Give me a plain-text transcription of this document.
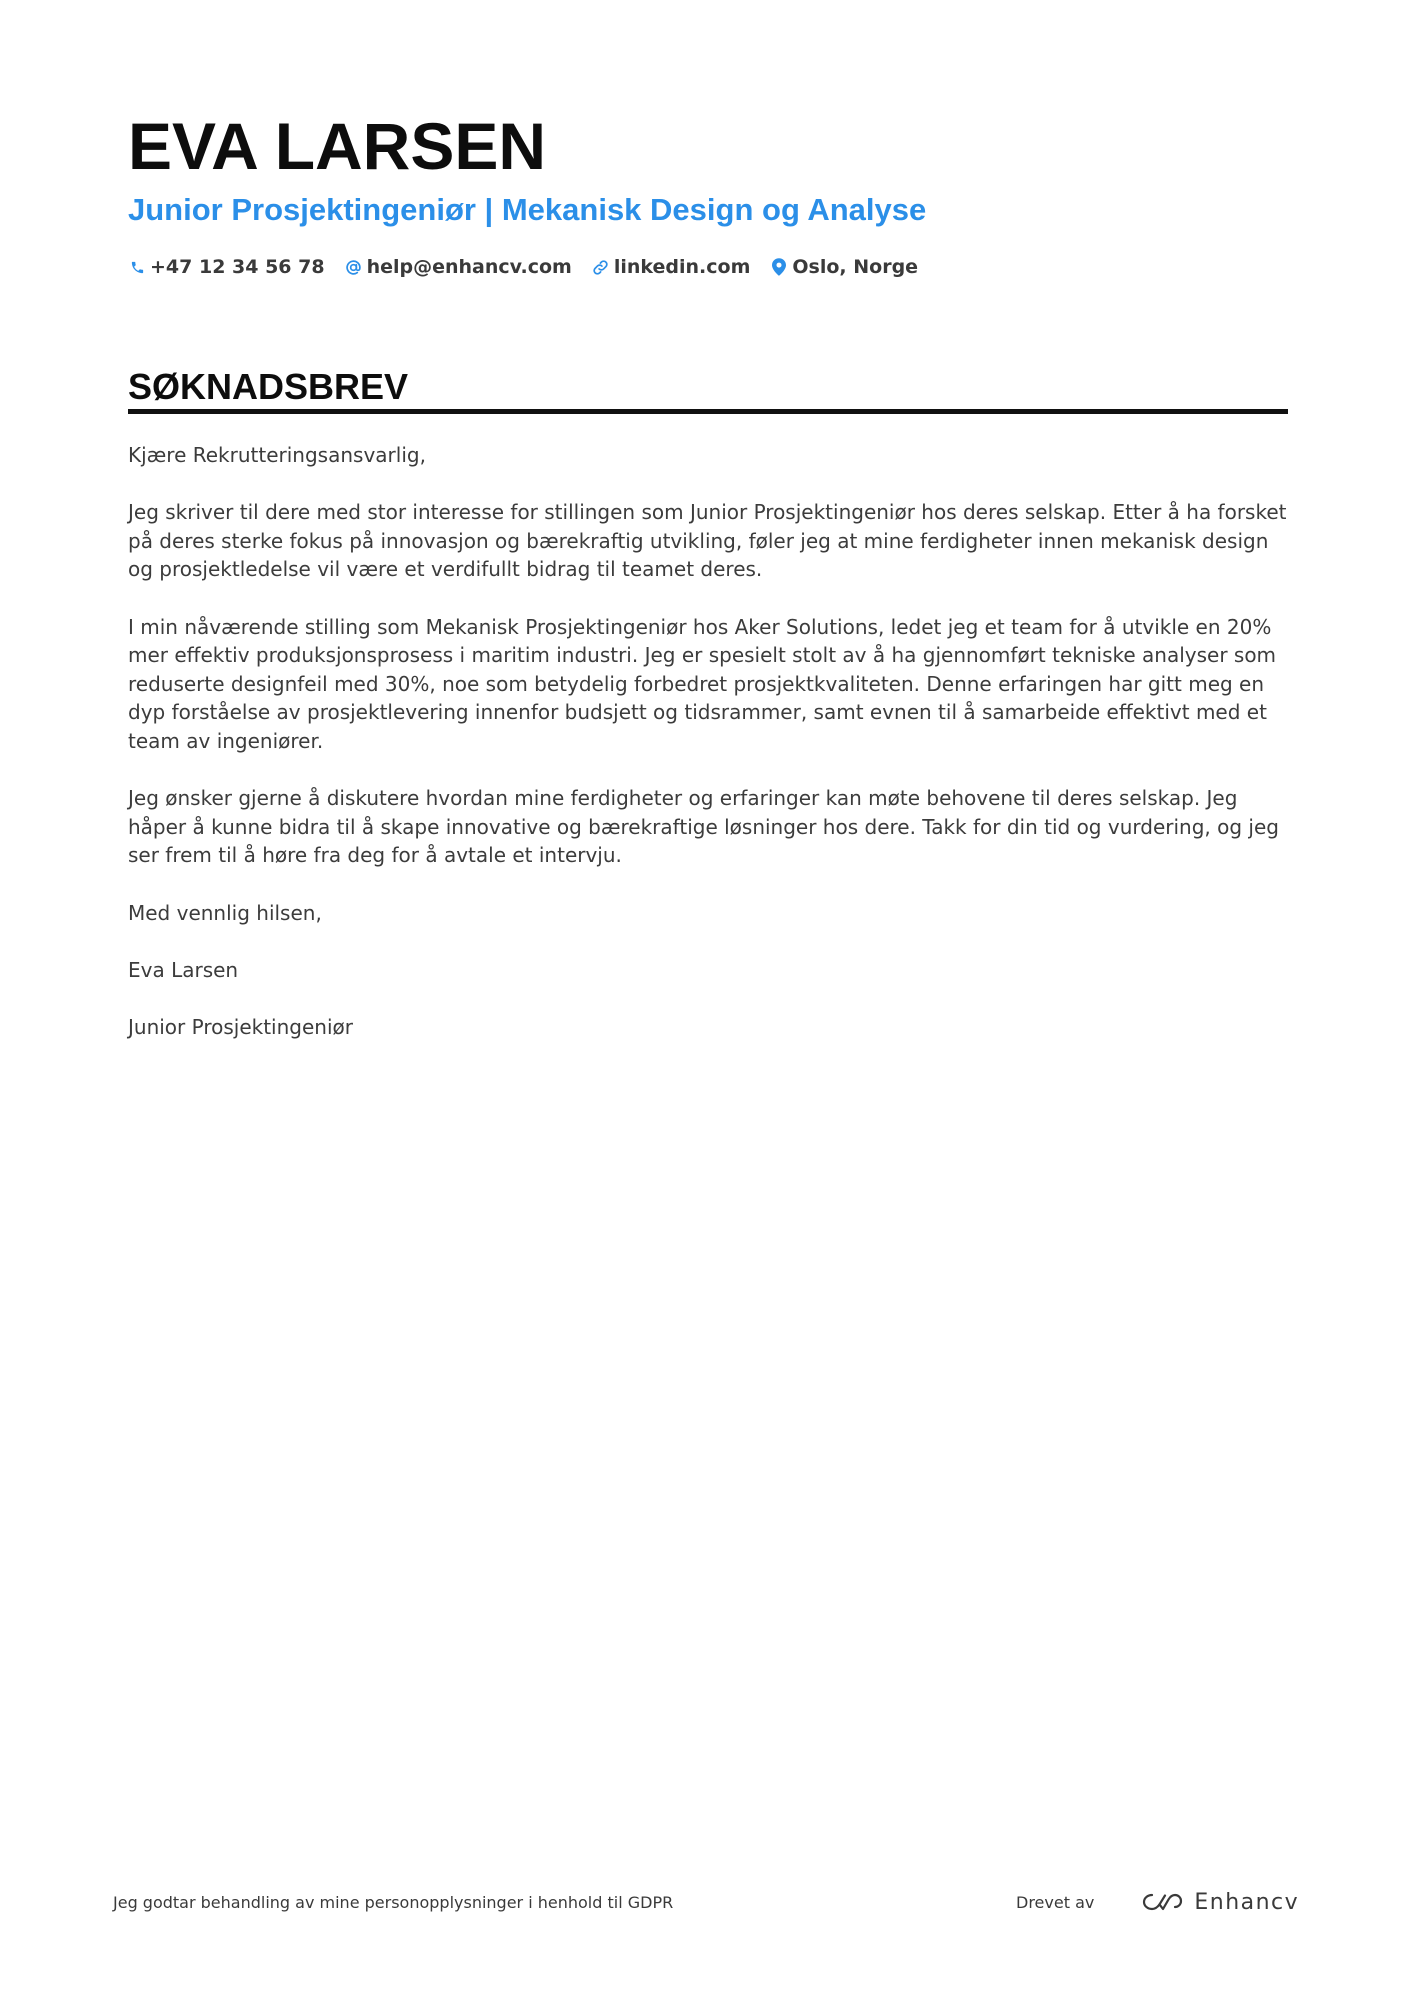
EVA LARSEN
Junior Prosjektingeniør | Mekanisk Design og Analyse
+47 12 34 56 78 help@enhancv.com linkedin.com Oslo, Norge
SØKNADSBREV

Kjære Rekrutteringsansvarlig,

Jeg skriver til dere med stor interesse for stillingen som Junior Prosjektingeniør hos deres selskap. Etter å ha forsket på deres sterke fokus på innovasjon og bærekraftig utvikling, føler jeg at mine ferdigheter innen mekanisk design og prosjektledelse vil være et verdifullt bidrag til teamet deres.

I min nåværende stilling som Mekanisk Prosjektingeniør hos Aker Solutions, ledet jeg et team for å utvikle en 20% mer effektiv produksjonsprosess i maritim industri. Jeg er spesielt stolt av å ha gjennomført tekniske analyser som reduserte designfeil med 30%, noe som betydelig forbedret prosjektkvaliteten. Denne erfaringen har gitt meg en dyp forståelse av prosjektlevering innenfor budsjett og tidsrammer, samt evnen til å samarbeide effektivt med et team av ingeniører.

Jeg ønsker gjerne å diskutere hvordan mine ferdigheter og erfaringer kan møte behovene til deres selskap. Jeg håper å kunne bidra til å skape innovative og bærekraftige løsninger hos dere. Takk for din tid og vurdering, og jeg ser frem til å høre fra deg for å avtale et intervju.

Med vennlig hilsen,

Eva Larsen

Junior Prosjektingeniør

Jeg godtar behandling av mine personopplysninger i henhold til GDPR	Drevet av	Enhancv
